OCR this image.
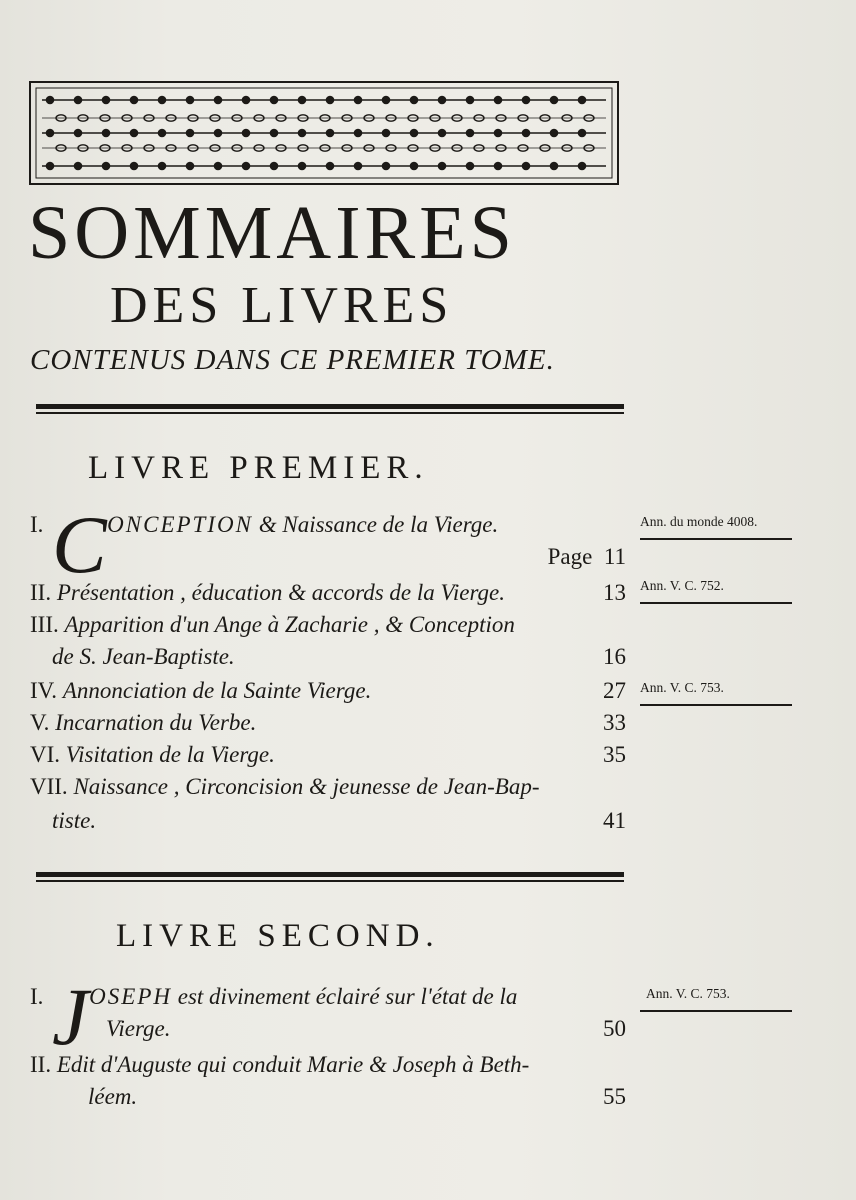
SOMMAIRES
DES LIVRES
CONTENUS DANS CE PREMIER TOME.
LIVRE PREMIER.
I. C ONCEPTION & Naissance de la Vierge.
Page 11
II. Présentation , éducation & accords de la Vierge.	13
III. Apparition d'un Ange à Zacharie , & Conception
de S. Jean-Baptiste.	16
IV. Annonciation de la Sainte Vierge.	27
V. Incarnation du Verbe.	33
VI. Visitation de la Vierge.	35
VII. Naissance , Circoncision & jeunesse de Jean-Bap-
tiste.	41
Ann. du monde 4008.
Ann. V. C. 752.
Ann. V. C. 753.
LIVRE SECOND.
I. J OSEPH est divinement éclairé sur l'état de la
Vierge.	50
II. Edit d'Auguste qui conduit Marie & Joseph à Beth-
léem.	55
Ann. V. C. 753.
